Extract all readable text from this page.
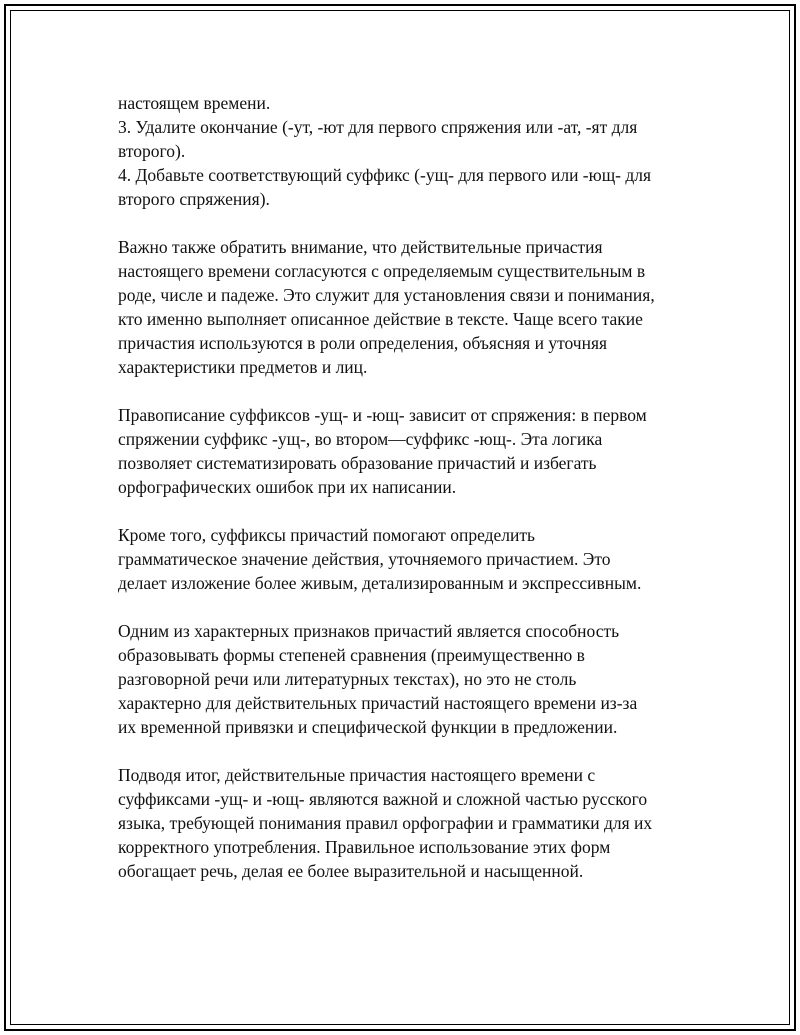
настоящем времени.
3. Удалите окончание (-ут, -ют для первого спряжения или -ат, -ят для
второго).
4. Добавьте соответствующий суффикс (-ущ- для первого или -ющ- для
второго спряжения).
Важно также обратить внимание, что действительные причастия
настоящего времени согласуются с определяемым существительным в
роде, числе и падеже. Это служит для установления связи и понимания,
кто именно выполняет описанное действие в тексте. Чаще всего такие
причастия используются в роли определения, объясняя и уточняя
характеристики предметов и лиц.
Правописание суффиксов -ущ- и -ющ- зависит от спряжения: в первом
спряжении суффикс -ущ-, во втором—суффикс -ющ-. Эта логика
позволяет систематизировать образование причастий и избегать
орфографических ошибок при их написании.
Кроме того, суффиксы причастий помогают определить
грамматическое значение действия, уточняемого причастием. Это
делает изложение более живым, детализированным и экспрессивным.
Одним из характерных признаков причастий является способность
образовывать формы степеней сравнения (преимущественно в
разговорной речи или литературных текстах), но это не столь
характерно для действительных причастий настоящего времени из-за
их временной привязки и специфической функции в предложении.
Подводя итог, действительные причастия настоящего времени с
суффиксами -ущ- и -ющ- являются важной и сложной частью русского
языка, требующей понимания правил орфографии и грамматики для их
корректного употребления. Правильное использование этих форм
обогащает речь, делая ее более выразительной и насыщенной.
